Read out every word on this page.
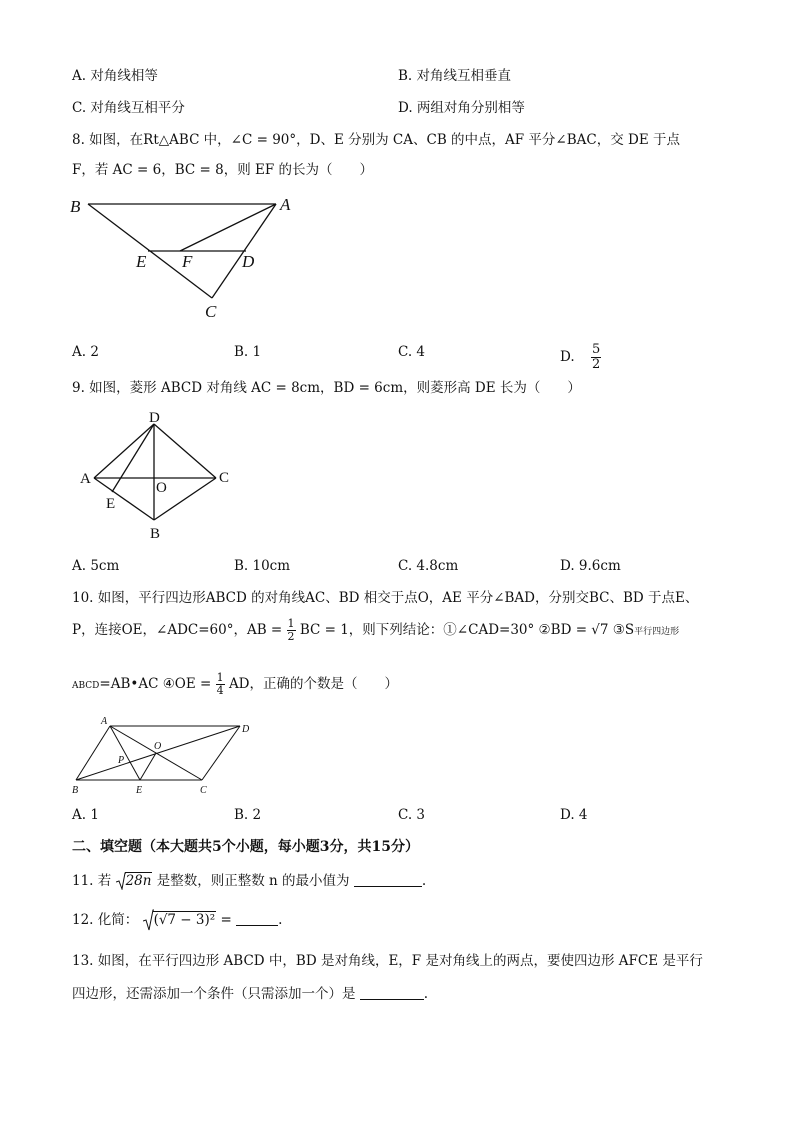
A. 对角线相等	B. 对角线互相垂直
C. 对角线互相平分	D. 两组对角分别相等
8. 如图，在Rt△ABC 中，∠C = 90°，D、E 分别为 CA、CB 的中点，AF 平分∠BAC，交 DE 于点
F，若 AC = 6，BC = 8，则 EF 的长为（　　）
B	A
E F	D
C
A. 2	B. 1	C. 4	D. $\frac{5}{2}$
9. 如图，菱形 ABCD 对角线 AC = 8cm，BD = 6cm，则菱形高 DE 长为（　　）
D
A	C
O
E
B
A. 5cm	B. 10cm	C. 4.8cm	D. 9.6cm
10. 如图，平行四边形ABCD 的对角线AC、BD 相交于点O，AE 平分∠BAD，分别交BC、BD 于点E、
P，连接OE，∠ADC=60°，AB = $\frac{1}{2}$ BC = 1，则下列结论：①∠CAD=30° ②BD = √7 ③S平行四边形
ABCD=AB•AC ④OE = $\frac{1}{4}$ AD，正确的个数是（　　）
A
D
O
P
B	E	C
A. 1	B. 2	C. 3	D. 4
二、填空题（本大题共5个小题，每小题3分，共15分）
11. 若 28n 是整数，则正整数 n 的最小值为	.
12. 化简： (√7 − 3)² =	.
13. 如图，在平行四边形 ABCD 中，BD 是对角线，E，F 是对角线上的两点，要使四边形 AFCE 是平行
四边形，还需添加一个条件（只需添加一个）是	.
